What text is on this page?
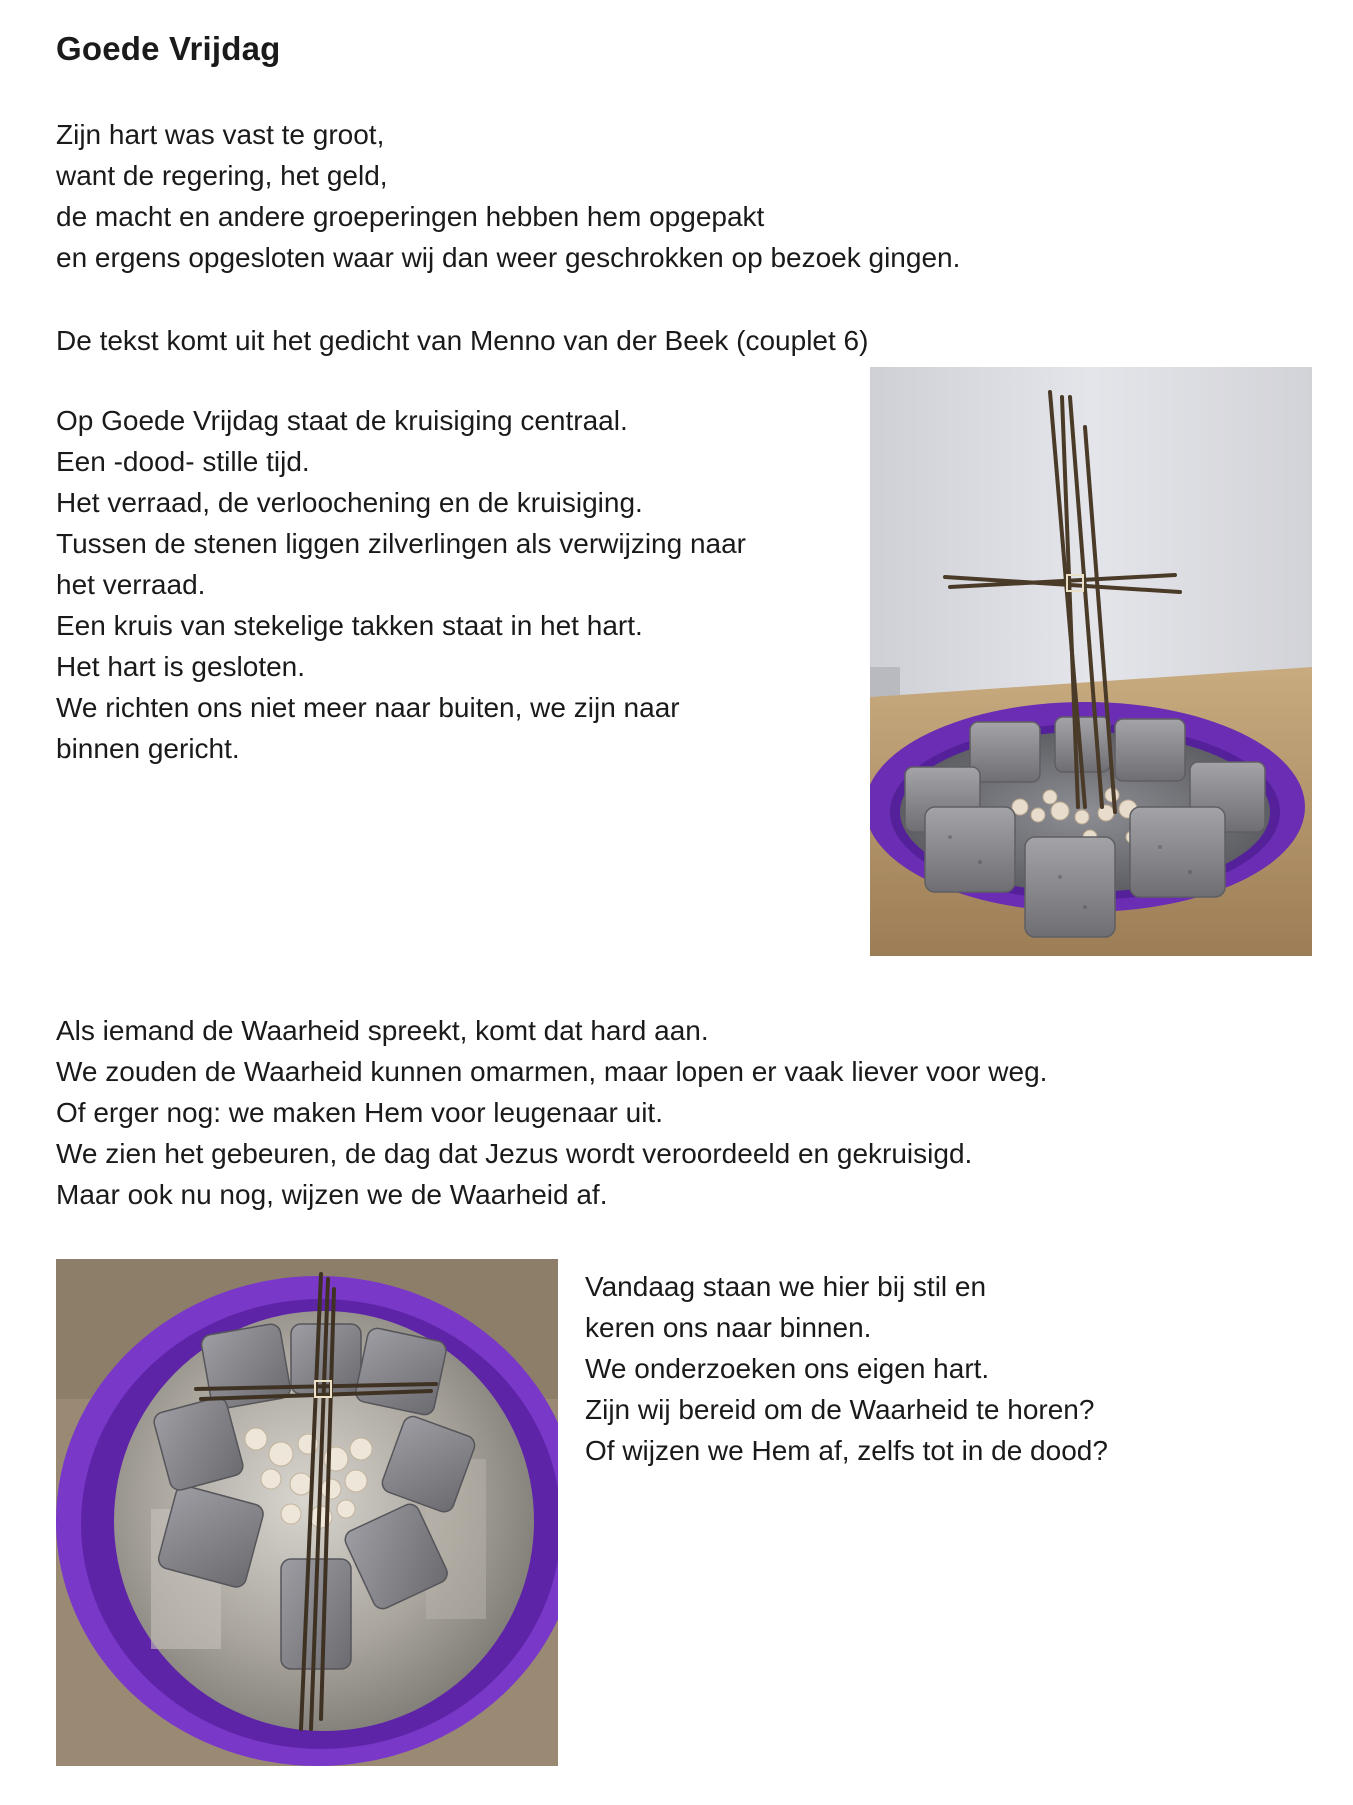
Goede Vrijdag

Zijn hart was vast te groot,
want de regering, het geld,
de macht en andere groeperingen hebben hem opgepakt
en ergens opgesloten waar wij dan weer geschrokken op bezoek gingen.

De tekst komt uit het gedicht van Menno van der Beek (couplet 6)

Op Goede Vrijdag staat de kruisiging centraal.
Een -dood- stille tijd.
Het verraad, de verloochening en de kruisiging.
Tussen de stenen liggen zilverlingen als verwijzing naar
het verraad.
Een kruis van stekelige takken staat in het hart.
Het hart is gesloten.
We richten ons niet meer naar buiten, we zijn naar
binnen gericht.

Als iemand de Waarheid spreekt, komt dat hard aan.
We zouden de Waarheid kunnen omarmen, maar lopen er vaak liever voor weg.
Of erger nog: we maken Hem voor leugenaar uit.
We zien het gebeuren, de dag dat Jezus wordt veroordeeld en gekruisigd.
Maar ook nu nog, wijzen we de Waarheid af.

Vandaag staan we hier bij stil en
keren ons naar binnen.
We onderzoeken ons eigen hart.
Zijn wij bereid om de Waarheid te horen?
Of wijzen we Hem af, zelfs tot in de dood?
